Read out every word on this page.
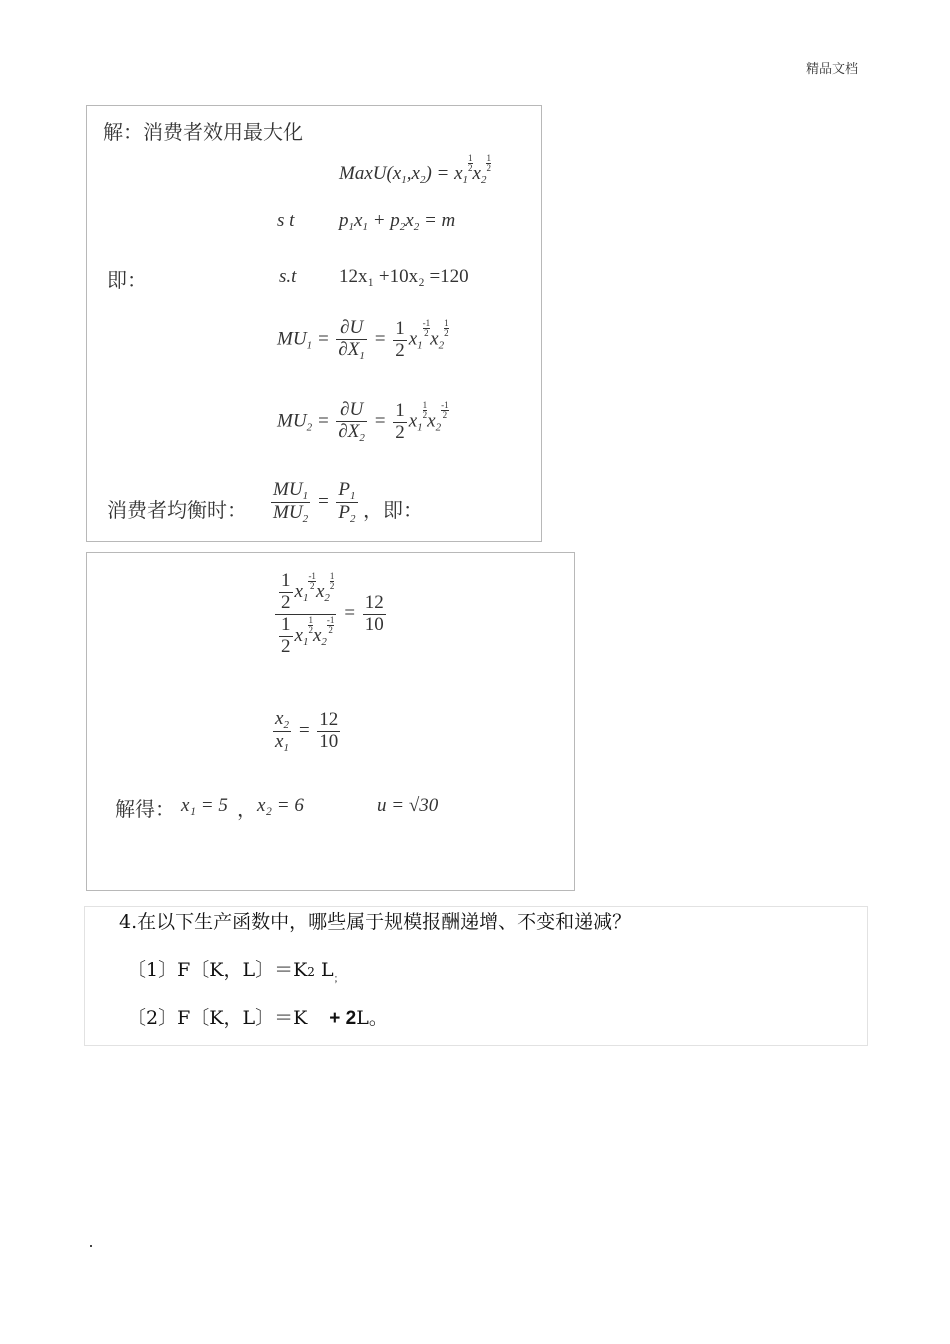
精品文档
解：消费者效用最大化
$MaxU(x_1,x_2) = x_1$
$\frac{1}{2} x_2$
$\frac{1}{2}$
s t $p_1x_1 + p_2x_2 = m$
即：	s.t 12x₁ +10x₂ =120
$MU_1 = \frac{\partial U}{\partial X_1} = \frac{1}{2} x_1$
$\frac{-1}{2} x_2$
$\frac{1}{2}$
$MU_2 = \frac{\partial U}{\partial X_2} = \frac{1}{2} x_1$
$\frac{1}{2} x_2$
$\frac{-1}{2}$
消费者均衡时： $\frac{MU_1}{MU_2} = \frac{P_1}{P_2}$ ，即：
$\frac{1}{2} x_1$
$\frac{-1}{2} x_2$
$\frac{1}{2}$
$\frac{1}{2} x_1$
$\frac{1}{2} x_2$
$\frac{-1}{2} = \frac{12}{10}$
$\frac{x_2}{x_1} = \frac{12}{10}$
解得： x₁ = 5 ， x₂ = 6	u = √30
4.在以下生产函数中，哪些属于规模报酬递增、不变和递减？
〔1〕F〔K，L〕＝K2 $L_;$
〔2〕F〔K，L〕＝K + 2L。
